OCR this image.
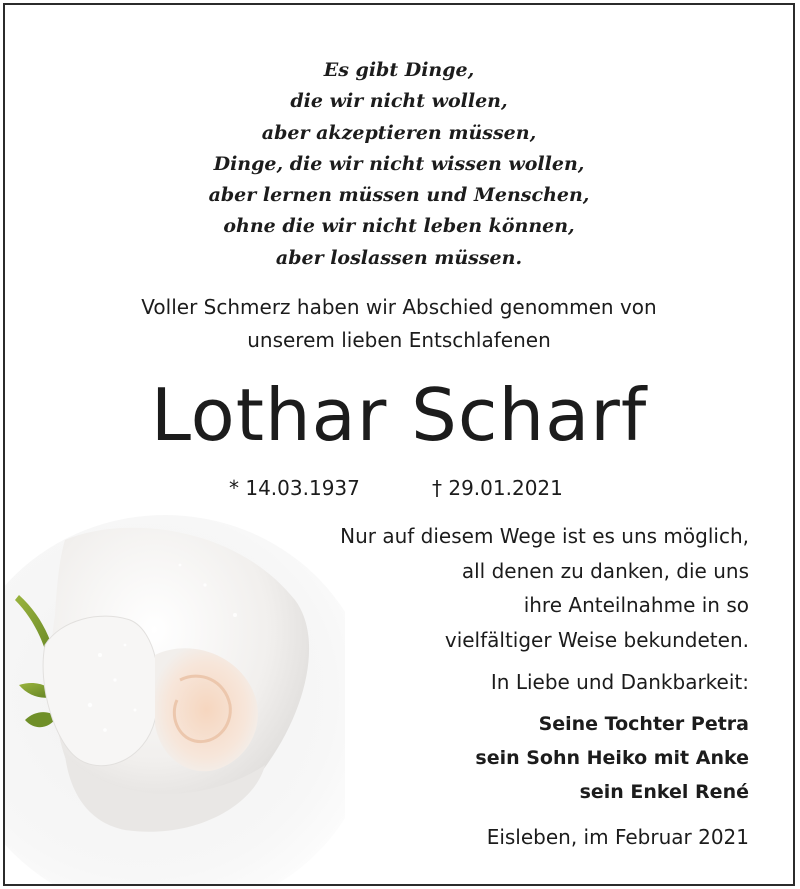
Es gibt Dinge,
die wir nicht wollen,
aber akzeptieren müssen,
Dinge, die wir nicht wissen wollen,
aber lernen müssen und Menschen,
ohne die wir nicht leben können,
aber loslassen müssen.
Voller Schmerz haben wir Abschied genommen von
unserem lieben Entschlafenen
Lothar Scharf
* 14.03.1937	† 29.01.2021
Nur auf diesem Wege ist es uns möglich,
all denen zu danken, die uns
ihre Anteilnahme in so
vielfältiger Weise bekundeten.
In Liebe und Dankbarkeit:
Seine Tochter Petra
sein Sohn Heiko mit Anke
sein Enkel René
Eisleben, im Februar 2021
